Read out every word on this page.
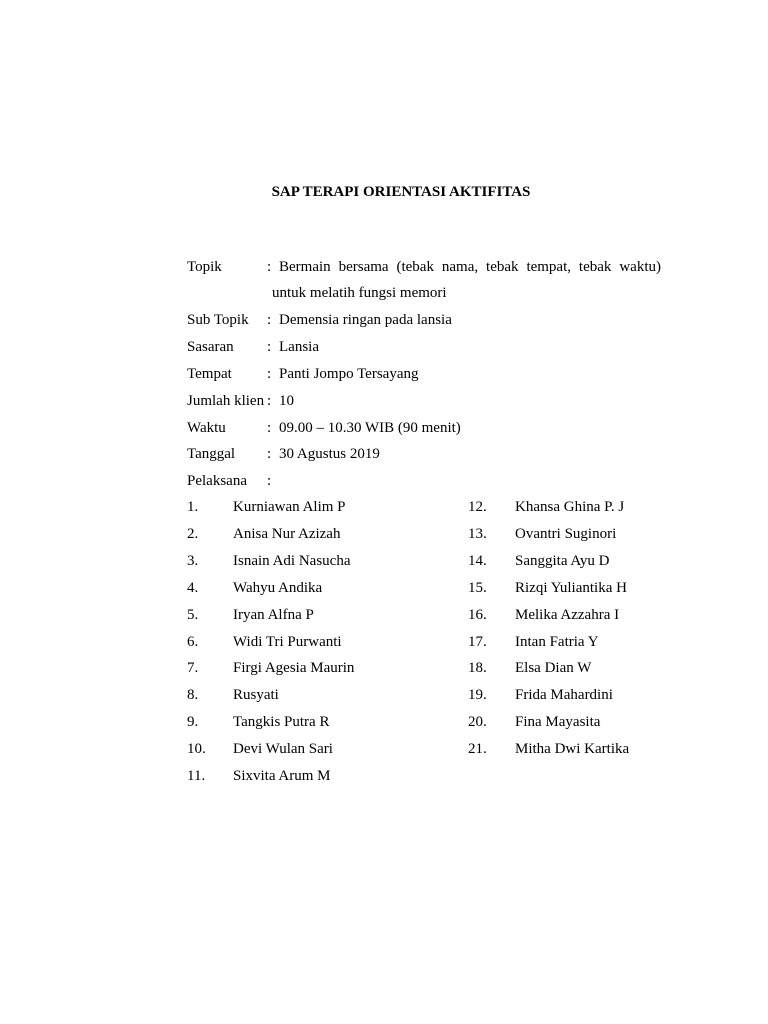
SAP TERAPI ORIENTASI AKTIFITAS
Topik	: Bermain bersama (tebak nama, tebak tempat, tebak waktu)
untuk melatih fungsi memori
Sub Topik : Demensia ringan pada lansia
Sasaran : Lansia
Tempat : Panti Jompo Tersayang
Jumlah klien : 10
Waktu	: 09.00 – 10.30 WIB (90 menit)
Tanggal : 30 Agustus 2019
Pelaksana :
1. Kurniawan Alim P
2. Anisa Nur Azizah
3. Isnain Adi Nasucha
4. Wahyu Andika
5. Iryan Alfna P
6. Widi Tri Purwanti
7. Firgi Agesia Maurin
8. Rusyati
9. Tangkis Putra R
10. Devi Wulan Sari
11. Sixvita Arum M
12. Khansa Ghina P. J
13. Ovantri Suginori
14. Sanggita Ayu D
15. Rizqi Yuliantika H
16. Melika Azzahra I
17. Intan Fatria Y
18. Elsa Dian W
19. Frida Mahardini
20. Fina Mayasita
21. Mitha Dwi Kartika
